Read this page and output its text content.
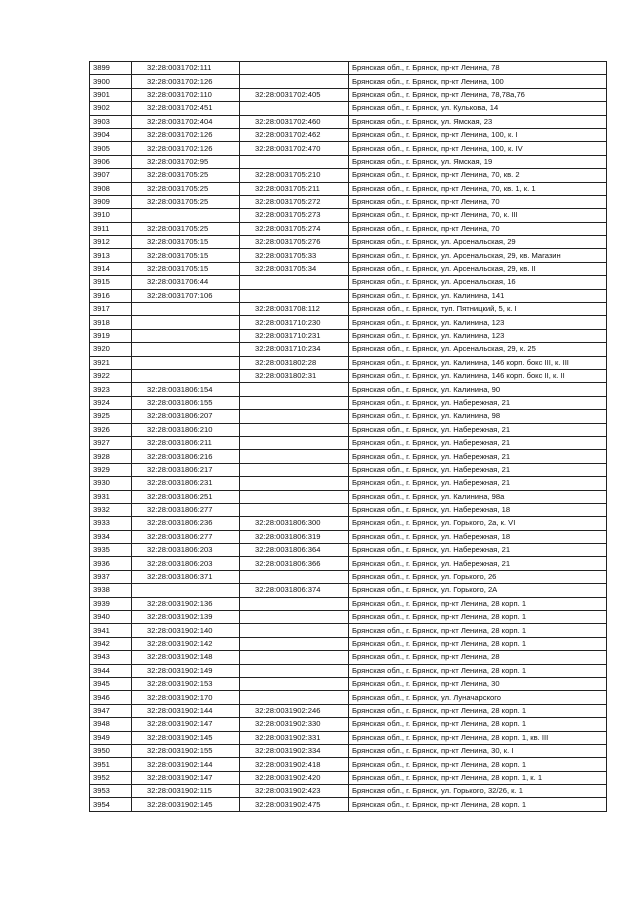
3899	32:28:0031702:111		Брянская обл., г. Брянск, пр-кт Ленина, 78
3900	32:28:0031702:126		Брянская обл., г. Брянск, пр-кт Ленина, 100
3901	32:28:0031702:110	32:28:0031702:405	Брянская обл., г. Брянск, пр-кт Ленина, 78,78а,76
3902	32:28:0031702:451		Брянская обл., г. Брянск, ул. Кулькова, 14
3903	32:28:0031702:404	32:28:0031702:460	Брянская обл., г. Брянск, ул. Ямская, 23
3904	32:28:0031702:126	32:28:0031702:462	Брянская обл., г. Брянск, пр-кт Ленина, 100, к. I
3905	32:28:0031702:126	32:28:0031702:470	Брянская обл., г. Брянск, пр-кт Ленина, 100, к. IV
3906	32:28:0031702:95		Брянская обл., г. Брянск, ул. Ямская, 19
3907	32:28:0031705:25	32:28:0031705:210	Брянская обл., г. Брянск, пр-кт Ленина, 70, кв. 2
3908	32:28:0031705:25	32:28:0031705:211	Брянская обл., г. Брянск, пр-кт Ленина, 70, кв. 1, к. 1
3909	32:28:0031705:25	32:28:0031705:272	Брянская обл., г. Брянск, пр-кт Ленина, 70
3910		32:28:0031705:273	Брянская обл., г. Брянск, пр-кт Ленина, 70, к. III
3911	32:28:0031705:25	32:28:0031705:274	Брянская обл., г. Брянск, пр-кт Ленина, 70
3912	32:28:0031705:15	32:28:0031705:276	Брянская обл., г. Брянск, ул. Арсенальская, 29
3913	32:28:0031705:15	32:28:0031705:33	Брянская обл., г. Брянск, ул. Арсенальская, 29, кв. Магазин
3914	32:28:0031705:15	32:28:0031705:34	Брянская обл., г. Брянск, ул. Арсенальская, 29, кв. II
3915	32:28:0031706:44		Брянская обл., г. Брянск, ул. Арсенальская, 16
3916	32:28:0031707:106		Брянская обл., г. Брянск, ул. Калинина, 141
3917		32:28:0031708:112	Брянская обл., г. Брянск, туп. Пятницкий, 5, к. I
3918		32:28:0031710:230	Брянская обл., г. Брянск, ул. Калинина, 123
3919		32:28:0031710:231	Брянская обл., г. Брянск, ул. Калинина, 123
3920		32:28:0031710:234	Брянская обл., г. Брянск, ул. Арсенальская, 29, к. 25
3921		32:28:0031802:28	Брянская обл., г. Брянск, ул. Калинина, 146 корп. бокс III, к. III
3922		32:28:0031802:31	Брянская обл., г. Брянск, ул. Калинина, 146 корп. бокс II, к. II
3923	32:28:0031806:154		Брянская обл., г. Брянск, ул. Калинина, 90
3924	32:28:0031806:155		Брянская обл., г. Брянск, ул. Набережная, 21
3925	32:28:0031806:207		Брянская обл., г. Брянск, ул. Калинина, 98
3926	32:28:0031806:210		Брянская обл., г. Брянск, ул. Набережная, 21
3927	32:28:0031806:211		Брянская обл., г. Брянск, ул. Набережная, 21
3928	32:28:0031806:216		Брянская обл., г. Брянск, ул. Набережная, 21
3929	32:28:0031806:217		Брянская обл., г. Брянск, ул. Набережная, 21
3930	32:28:0031806:231		Брянская обл., г. Брянск, ул. Набережная, 21
3931	32:28:0031806:251		Брянская обл., г. Брянск, ул. Калинина, 98а
3932	32:28:0031806:277		Брянская обл., г. Брянск, ул. Набережная, 18
3933	32:28:0031806:236	32:28:0031806:300	Брянская обл., г. Брянск, ул. Горького, 2а, к. VI
3934	32:28:0031806:277	32:28:0031806:319	Брянская обл., г. Брянск, ул. Набережная, 18
3935	32:28:0031806:203	32:28:0031806:364	Брянская обл., г. Брянск, ул. Набережная, 21
3936	32:28:0031806:203	32:28:0031806:366	Брянская обл., г. Брянск, ул. Набережная, 21
3937	32:28:0031806:371		Брянская обл., г. Брянск, ул. Горького, 26
3938		32:28:0031806:374	Брянская обл., г. Брянск, ул. Горького, 2А
3939	32:28:0031902:136		Брянская обл., г. Брянск, пр-кт Ленина, 28 корп. 1
3940	32:28:0031902:139		Брянская обл., г. Брянск, пр-кт Ленина, 28 корп. 1
3941	32:28:0031902:140		Брянская обл., г. Брянск, пр-кт Ленина, 28 корп. 1
3942	32:28:0031902:142		Брянская обл., г. Брянск, пр-кт Ленина, 28 корп. 1
3943	32:28:0031902:148		Брянская обл., г. Брянск, пр-кт Ленина, 28
3944	32:28:0031902:149		Брянская обл., г. Брянск, пр-кт Ленина, 28 корп. 1
3945	32:28:0031902:153		Брянская обл., г. Брянск, пр-кт Ленина, 30
3946	32:28:0031902:170		Брянская обл., г. Брянск, ул. Луначарского
3947	32:28:0031902:144	32:28:0031902:246	Брянская обл., г. Брянск, пр-кт Ленина, 28 корп. 1
3948	32:28:0031902:147	32:28:0031902:330	Брянская обл., г. Брянск, пр-кт Ленина, 28 корп. 1
3949	32:28:0031902:145	32:28:0031902:331	Брянская обл., г. Брянск, пр-кт Ленина, 28 корп. 1, кв. III
3950	32:28:0031902:155	32:28:0031902:334	Брянская обл., г. Брянск, пр-кт Ленина, 30, к. I
3951	32:28:0031902:144	32:28:0031902:418	Брянская обл., г. Брянск, пр-кт Ленина, 28 корп. 1
3952	32:28:0031902:147	32:28:0031902:420	Брянская обл., г. Брянск, пр-кт Ленина, 28 корп. 1, к. 1
3953	32:28:0031902:115	32:28:0031902:423	Брянская обл., г. Брянск, ул. Горького, 32/26, к. 1
3954	32:28:0031902:145	32:28:0031902:475	Брянская обл., г. Брянск, пр-кт Ленина, 28 корп. 1
